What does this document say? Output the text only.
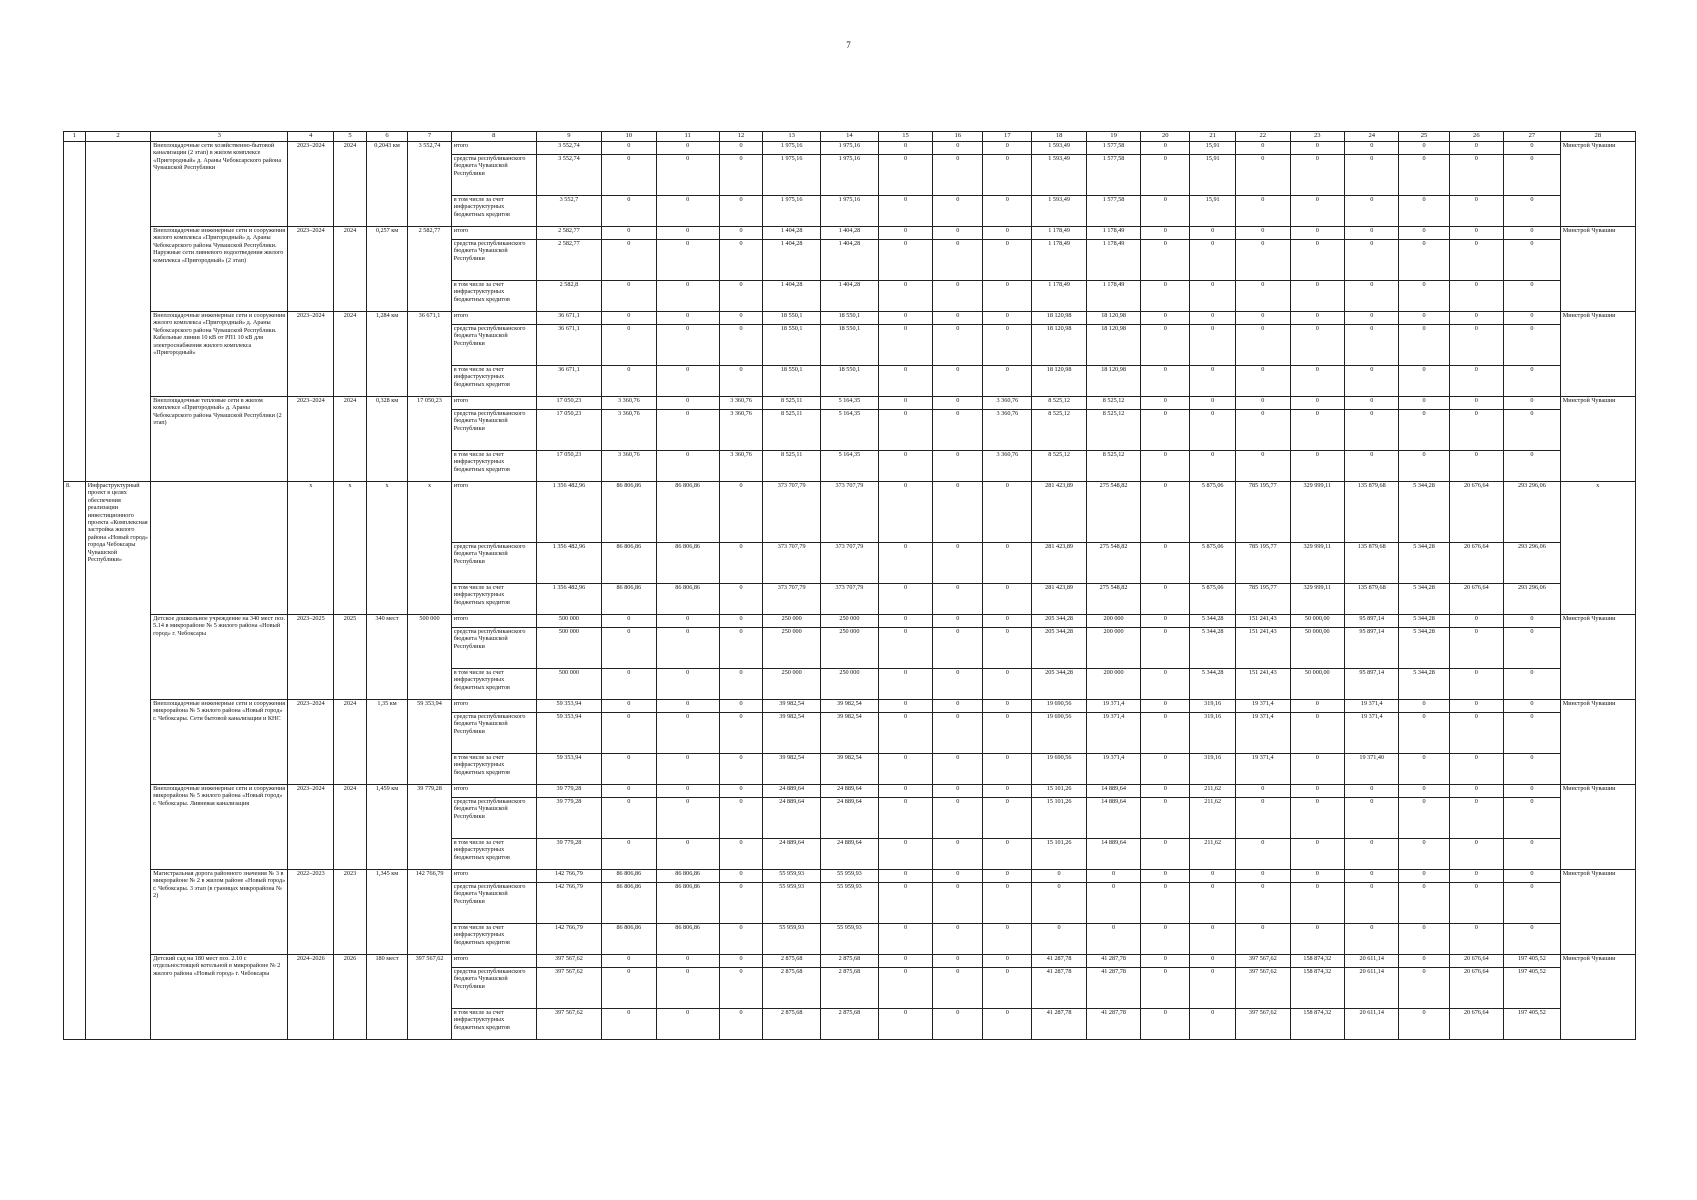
7
1	2	3	4	5	6	7	8	9	10	11	12	13	14	15	16	17	18	19	20	21	22	23	24	25	26	27	28
		Внеплощадочные сети хозяйственно-бытовой канализации (2 этап) в жилом комплексе «Пригородный» д. Араны Чебоксарского района Чувашской Республики	2023–2024	2024	0,2043 км	3 552,74	итого	3 552,74	0	0	0	1 975,16	1 975,16	0	0	0	1 593,49	1 577,58	0	15,91	0	0	0	0	0	0	Минстрой Чувашии
							средства республиканского бюджета Чувашской Республики	3 552,74	0	0	0	1 975,16	1 975,16	0	0	0	1 593,49	1 577,58	0	15,91	0	0	0	0	0	0	
							в том числе за счет инфраструктурных бюджетных кредитов	3 552,7	0	0	0	1 975,16	1 975,16	0	0	0	1 593,49	1 577,58	0	15,91	0	0	0	0	0	0	
		Внеплощадочные инженерные сети и сооружения жилого комплекса «Пригородный» д. Араны Чебоксарского района Чувашской Республики. Наружные сети ливневого водоотведения жилого комплекса «Пригородный» (2 этап)	2023–2024	2024	0,257 км	2 582,77	итого	2 582,77	0	0	0	1 404,28	1 404,28	0	0	0	1 178,49	1 178,49	0	0	0	0	0	0	0	0	Минстрой Чувашии
							средства республиканского бюджета Чувашской Республики	2 582,77	0	0	0	1 404,28	1 404,28	0	0	0	1 178,49	1 178,49	0	0	0	0	0	0	0	0	
							в том числе за счет инфраструктурных бюджетных кредитов	2 582,8	0	0	0	1 404,28	1 404,28	0	0	0	1 178,49	1 178,49	0	0	0	0	0	0	0	0	
		Внеплощадочные инженерные сети и сооружения жилого комплекса «Пригородный» д. Араны Чебоксарского района Чувашской Республики. Кабельные линии 10 кВ от РП1 10 кВ для электроснабжения жилого комплекса «Пригородный»	2023–2024	2024	1,284 км	36 671,1	итого	36 671,1	0	0	0	18 550,1	18 550,1	0	0	0	18 120,98	18 120,98	0	0	0	0	0	0	0	0	Минстрой Чувашии
							средства республиканского бюджета Чувашской Республики	36 671,1	0	0	0	18 550,1	18 550,1	0	0	0	18 120,98	18 120,98	0	0	0	0	0	0	0	0	
							в том числе за счет инфраструктурных бюджетных кредитов	36 671,1	0	0	0	18 550,1	18 550,1	0	0	0	18 120,98	18 120,98	0	0	0	0	0	0	0	0	
		Внеплощадочные тепловые сети в жилом комплексе «Пригородный» д. Араны Чебоксарского района Чувашской Республики (2 этап)	2023–2024	2024	0,328 км	17 050,23	итого	17 050,23	3 360,76	0	3 360,76	8 525,11	5 164,35	0	0	3 360,76	8 525,12	8 525,12	0	0	0	0	0	0	0	0	Минстрой Чувашии
							средства республиканского бюджета Чувашской Республики	17 050,23	3 360,76	0	3 360,76	8 525,11	5 164,35	0	0	3 360,76	8 525,12	8 525,12	0	0	0	0	0	0	0	0	
							в том числе за счет инфраструктурных бюджетных кредитов	17 050,23	3 360,76	0	3 360,76	8 525,11	5 164,35	0	0	3 360,76	8 525,12	8 525,12	0	0	0	0	0	0	0	0	
8.	Инфраструктурный проект в целях обеспечения реализации инвестиционного проекта «Комплексная застройка жилого района «Новый город» города Чебоксары Чувашской Республики»		x	x	x	x	итого	1 356 482,96	86 806,86	86 806,86	0	373 707,79	373 707,79	0	0	0	281 423,89	275 548,82	0	5 875,06	785 195,77	329 999,11	135 879,68	5 344,28	20 676,64	293 296,06	x
							средства республиканского бюджета Чувашской Республики	1 356 482,96	86 806,86	86 806,86	0	373 707,79	373 707,79	0	0	0	281 423,89	275 548,82	0	5 875,06	785 195,77	329 999,11	135 879,68	5 344,28	20 676,64	293 296,06	
							в том числе за счет инфраструктурных бюджетных кредитов	1 356 482,96	86 806,86	86 806,86	0	373 707,79	373 707,79	0	0	0	281 423,89	275 548,82	0	5 875,06	785 195,77	329 999,11	135 879,68	5 344,28	20 676,64	293 296,06	
		Детское дошкольное учреждение на 340 мест поз. 5.14 в микрорайоне № 5 жилого района «Новый город» г. Чебоксары	2023–2025	2025	340 мест	500 000	итого	500 000	0	0	0	250 000	250 000	0	0	0	205 344,28	200 000	0	5 344,28	151 241,43	50 000,00	95 897,14	5 344,28	0	0	Минстрой Чувашии
							средства республиканского бюджета Чувашской Республики	500 000	0	0	0	250 000	250 000	0	0	0	205 344,28	200 000	0	5 344,28	151 241,43	50 000,00	95 897,14	5 344,28	0	0	
							в том числе за счет инфраструктурных бюджетных кредитов	500 000	0	0	0	250 000	250 000	0	0	0	205 344,28	200 000	0	5 344,28	151 241,43	50 000,00	95 897,14	5 344,28	0	0	
		Внеплощадочные инженерные сети и сооружения микрорайона № 5 жилого района «Новый город» г. Чебоксары. Сети бытовой канализации и КНС	2023–2024	2024	1,35 км	59 353,94	итого	59 353,94	0	0	0	39 982,54	39 982,54	0	0	0	19 690,56	19 371,4	0	319,16	19 371,4	0	19 371,4	0	0	0	Минстрой Чувашии
							средства республиканского бюджета Чувашской Республики	59 353,94	0	0	0	39 982,54	39 982,54	0	0	0	19 690,56	19 371,4	0	319,16	19 371,4	0	19 371,4	0	0	0	
							в том числе за счет инфраструктурных бюджетных кредитов	59 353,94	0	0	0	39 982,54	39 982,54	0	0	0	19 690,56	19 371,4	0	319,16	19 371,4	0	19 371,40	0	0	0	
		Внеплощадочные инженерные сети и сооружения микрорайона № 5 жилого района «Новый город» г. Чебоксары. Ливневая канализация	2023–2024	2024	1,459 км	39 779,28	итого	39 779,28	0	0	0	24 889,64	24 889,64	0	0	0	15 101,26	14 889,64	0	211,62	0	0	0	0	0	0	Минстрой Чувашии
							средства республиканского бюджета Чувашской Республики	39 779,28	0	0	0	24 889,64	24 889,64	0	0	0	15 101,26	14 889,64	0	211,62	0	0	0	0	0	0	
							в том числе за счет инфраструктурных бюджетных кредитов	39 779,28	0	0	0	24 889,64	24 889,64	0	0	0	15 101,26	14 889,64	0	211,62	0	0	0	0	0	0	
		Магистральная дорога районного значения № 3 в микрорайоне № 2 в жилом районе «Новый город» г. Чебоксары. 3 этап (в границах микрорайона № 2)	2022–2023	2023	1,345 км	142 766,79	итого	142 766,79	86 806,86	86 806,86	0	55 959,93	55 959,93	0	0	0	0	0	0	0	0	0	0	0	0	0	Минстрой Чувашии
							средства республиканского бюджета Чувашской Республики	142 766,79	86 806,86	86 806,86	0	55 959,93	55 959,93	0	0	0	0	0	0	0	0	0	0	0	0	0	
							в том числе за счет инфраструктурных бюджетных кредитов	142 766,79	86 806,86	86 806,86	0	55 959,93	55 959,93	0	0	0	0	0	0	0	0	0	0	0	0	0	
		Детский сад на 180 мест поз. 2.10 с отдельностоящей котельной в микрорайоне № 2 жилого района «Новый город» г. Чебоксары	2024–2026	2026	180 мест	397 567,62	итого	397 567,62	0	0	0	2 875,68	2 875,68	0	0	0	41 287,78	41 287,78	0	0	397 567,62	158 874,32	20 611,14	0	20 676,64	197 405,52	Минстрой Чувашии
							средства республиканского бюджета Чувашской Республики	397 567,62	0	0	0	2 875,68	2 875,68	0	0	0	41 287,78	41 287,78	0	0	397 567,62	158 874,32	20 611,14	0	20 676,64	197 405,52	
							в том числе за счет инфраструктурных бюджетных кредитов	397 567,62	0	0	0	2 875,68	2 875,68	0	0	0	41 287,78	41 287,78	0	0	397 567,62	158 874,32	20 611,14	0	20 676,64	197 405,52	
